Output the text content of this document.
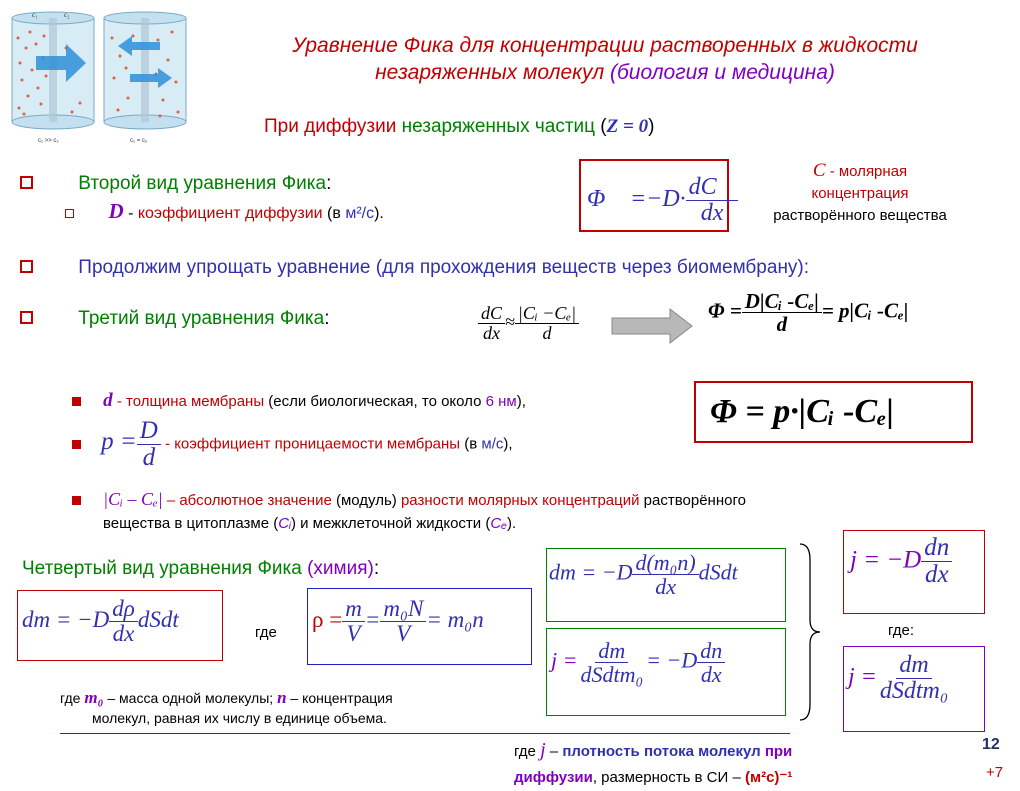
c₁	c₂
c₁ >> c₂	c₁ = c₂
Уравнение Фика для концентрации растворенных в жидкости
незаряженных молекул (биология и медицина)
При диффузии незаряженных частиц (Z = 0)
Второй вид уравнения Фика:
D - коэффициент диффузии (в м²/с).
Φ⃗ $=-D\cdot \frac{dC⃗}{dx}$
C - молярная
концентрация
растворённого вещества
Продолжим упрощать уравнение (для прохождения веществ через биомембрану):
Третий вид уравнения Фика:	$\frac{dC}{dx} \approx \frac{\text{|Cᵢ −Cₑ|}}{d}$	$\Phi = \frac{\text{D|Cᵢ -Cₑ|}}{d}$ = p|Cᵢ -Cₑ|
Φ = p·|Cᵢ -Cₑ|
d - толщина мембраны (если биологическая, то около 6 нм),
$p = \frac{D}{d}$ - коэффициент проницаемости мембраны (в м/с),
|Cᵢ – Cₑ| – абсолютное значение (модуль) разности молярных концентраций растворённого
вещества в цитоплазме (Cᵢ) и межклеточной жидкости (Cₑ).
Четвертый вид уравнения Фика (химия):
dm = $-D \frac{d\rho}{dx}$ dSdt
где
$\rho = \frac{m}{V} = \frac{\text{m₀N}}{V} = m_0n$
dm = $-D \frac{\text{d(m₀n)}}{dx}$ dSdt
$j = \frac{dm}{\text{dSdtm₀}} = -D \frac{dn}{dx}$
$j = -D \frac{dn}{dx}$
где:
$j = \frac{dm}{\text{dSdtm₀}}$
где m₀ – масса одной молекулы; n – концентрация
молекул, равная их числу в единице объема.
где j – плотность потока молекул при
диффузии, размерность в СИ – (м²с)⁻¹
12
+7
